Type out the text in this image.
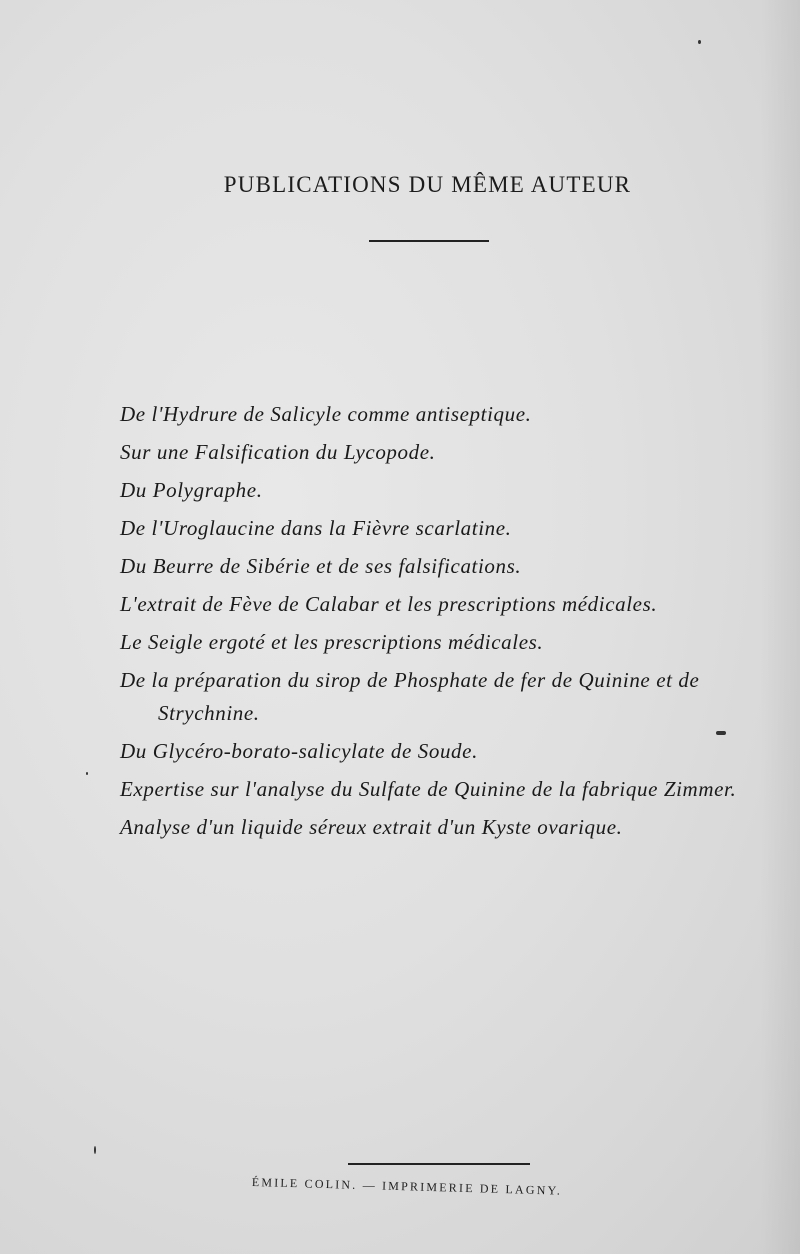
PUBLICATIONS DU MÊME AUTEUR
De l'Hydrure de Salicyle comme antiseptique.
Sur une Falsification du Lycopode.
Du Polygraphe.
De l'Uroglaucine dans la Fièvre scarlatine.
Du Beurre de Sibérie et de ses falsifications.
L'extrait de Fève de Calabar et les prescriptions médicales.
Le Seigle ergoté et les prescriptions médicales.
De la préparation du sirop de Phosphate de fer de Quinine et de Strychnine.
Du Glycéro-borato-salicylate de Soude.
Expertise sur l'analyse du Sulfate de Quinine de la fabrique Zimmer.
Analyse d'un liquide séreux extrait d'un Kyste ovarique.
ÉMILE COLIN. — IMPRIMERIE DE LAGNY.
